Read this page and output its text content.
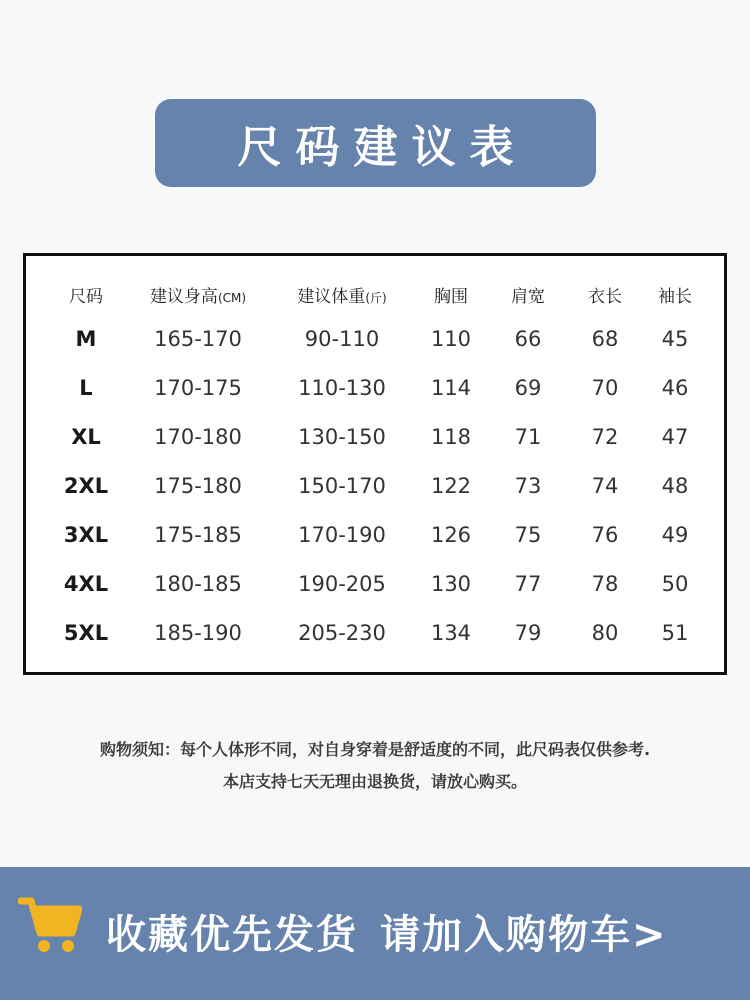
尺码建议表
尺码	建议身高(CM)	建议体重(斤)	胸围	肩宽	衣长	袖长
M	165-170	90-110	110	66	68	45
L	170-175	110-130	114	69	70	46
XL	170-180	130-150	118	71	72	47
2XL	175-180	150-170	122	73	74	48
3XL	175-185	170-190	126	75	76	49
4XL	180-185	190-205	130	77	78	50
5XL	185-190	205-230	134	79	80	51
购物须知：每个人体形不同，对自身穿着是舒适度的不同，此尺码表仅供参考.
本店支持七天无理由退换货，请放心购买。
收藏优先发货 请加入购物车>
